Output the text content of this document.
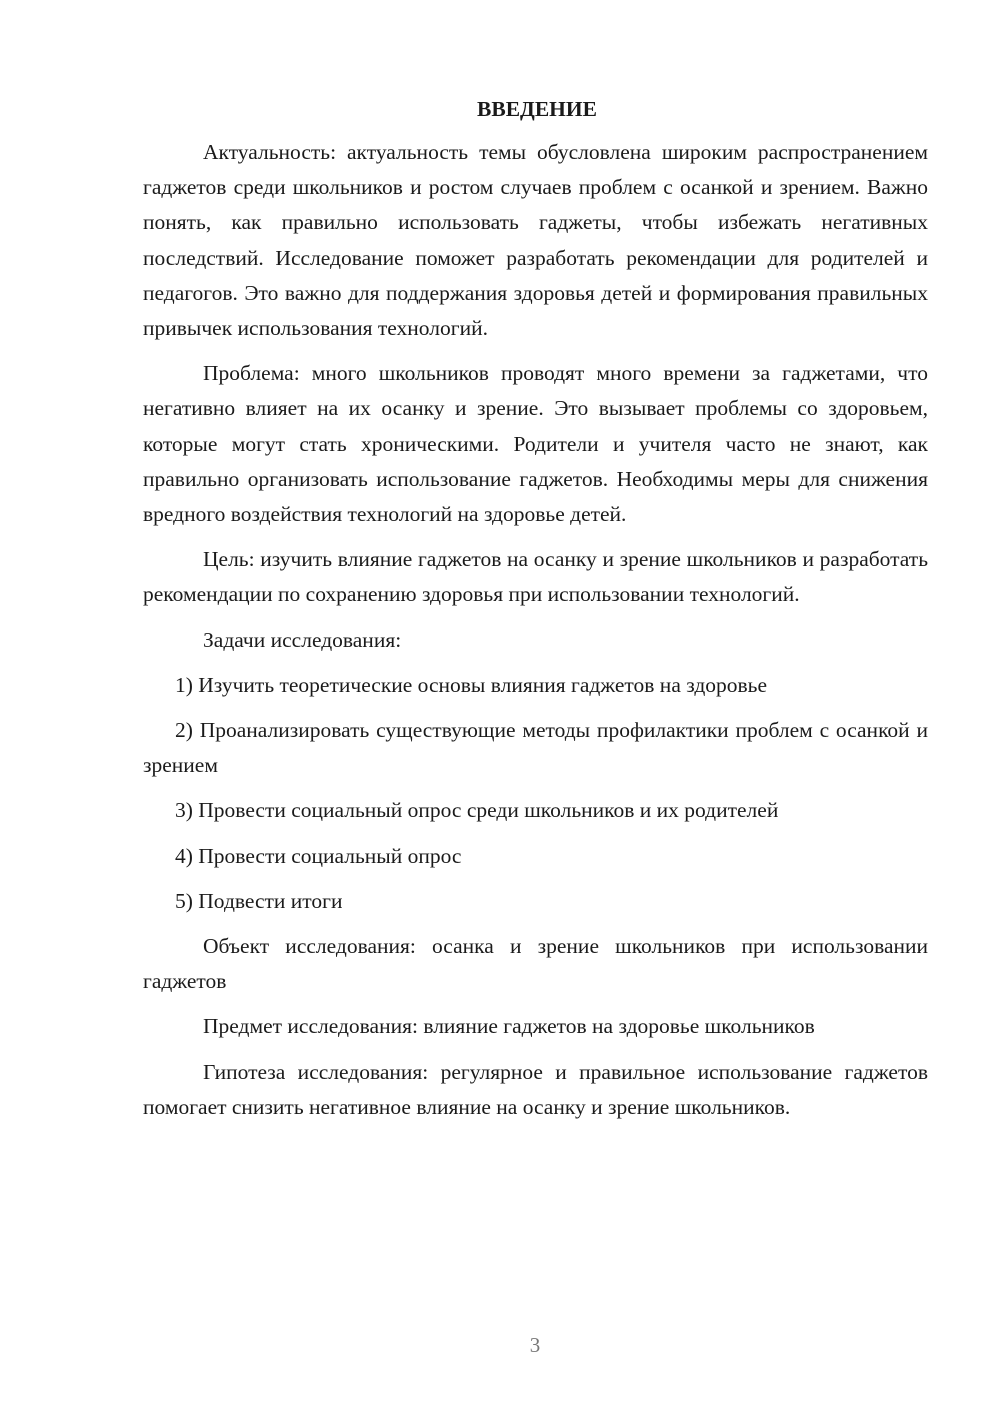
ВВЕДЕНИЕ

Актуальность: актуальность темы обусловлена широким распространением гаджетов среди школьников и ростом случаев проблем с осанкой и зрением. Важно понять, как правильно использовать гаджеты, чтобы избежать негативных последствий. Исследование поможет разработать рекомендации для родителей и педагогов. Это важно для поддержания здоровья детей и формирования правильных привычек использования технологий.

Проблема: много школьников проводят много времени за гаджетами, что негативно влияет на их осанку и зрение. Это вызывает проблемы со здоровьем, которые могут стать хроническими. Родители и учителя часто не знают, как правильно организовать использование гаджетов. Необходимы меры для снижения вредного воздействия технологий на здоровье детей.

Цель: изучить влияние гаджетов на осанку и зрение школьников и разработать рекомендации по сохранению здоровья при использовании технологий.

Задачи исследования:

1) Изучить теоретические основы влияния гаджетов на здоровье

2) Проанализировать существующие методы профилактики проблем с осанкой и зрением

3) Провести социальный опрос среди школьников и их родителей

4) Провести социальный опрос

5) Подвести итоги

Объект исследования: осанка и зрение школьников при использовании гаджетов

Предмет исследования: влияние гаджетов на здоровье школьников

Гипотеза исследования: регулярное и правильное использование гаджетов помогает снизить негативное влияние на осанку и зрение школьников.

3
